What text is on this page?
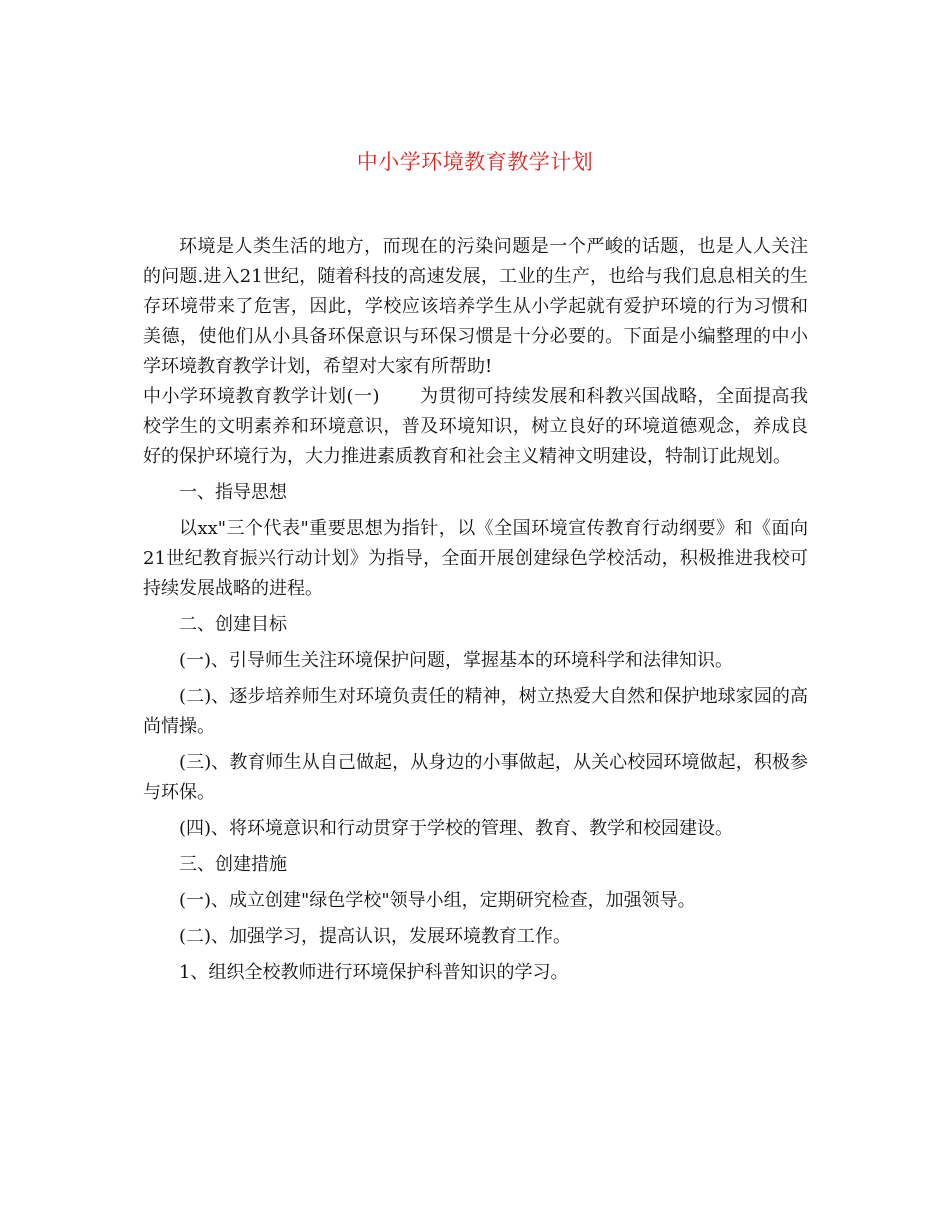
中小学环境教育教学计划

环境是人类生活的地方，而现在的污染问题是一个严峻的话题，也是人人关注的问题.进入21世纪，随着科技的高速发展，工业的生产，也给与我们息息相关的生存环境带来了危害，因此，学校应该培养学生从小学起就有爱护环境的行为习惯和美德，使他们从小具备环保意识与环保习惯是十分必要的。下面是小编整理的中小学环境教育教学计划，希望对大家有所帮助!

中小学环境教育教学计划(一) 为贯彻可持续发展和科教兴国战略，全面提高我校学生的文明素养和环境意识，普及环境知识，树立良好的环境道德观念，养成良好的保护环境行为，大力推进素质教育和社会主义精神文明建设，特制订此规划。

一、指导思想

以xx"三个代表"重要思想为指针，以《全国环境宣传教育行动纲要》和《面向21世纪教育振兴行动计划》为指导，全面开展创建绿色学校活动，积极推进我校可持续发展战略的进程。

二、创建目标

(一)、引导师生关注环境保护问题，掌握基本的环境科学和法律知识。

(二)、逐步培养师生对环境负责任的精神，树立热爱大自然和保护地球家园的高尚情操。

(三)、教育师生从自己做起，从身边的小事做起，从关心校园环境做起，积极参与环保。

(四)、将环境意识和行动贯穿于学校的管理、教育、教学和校园建设。

三、创建措施

(一)、成立创建"绿色学校"领导小组，定期研究检查，加强领导。

(二)、加强学习，提高认识，发展环境教育工作。

1、组织全校教师进行环境保护科普知识的学习。
